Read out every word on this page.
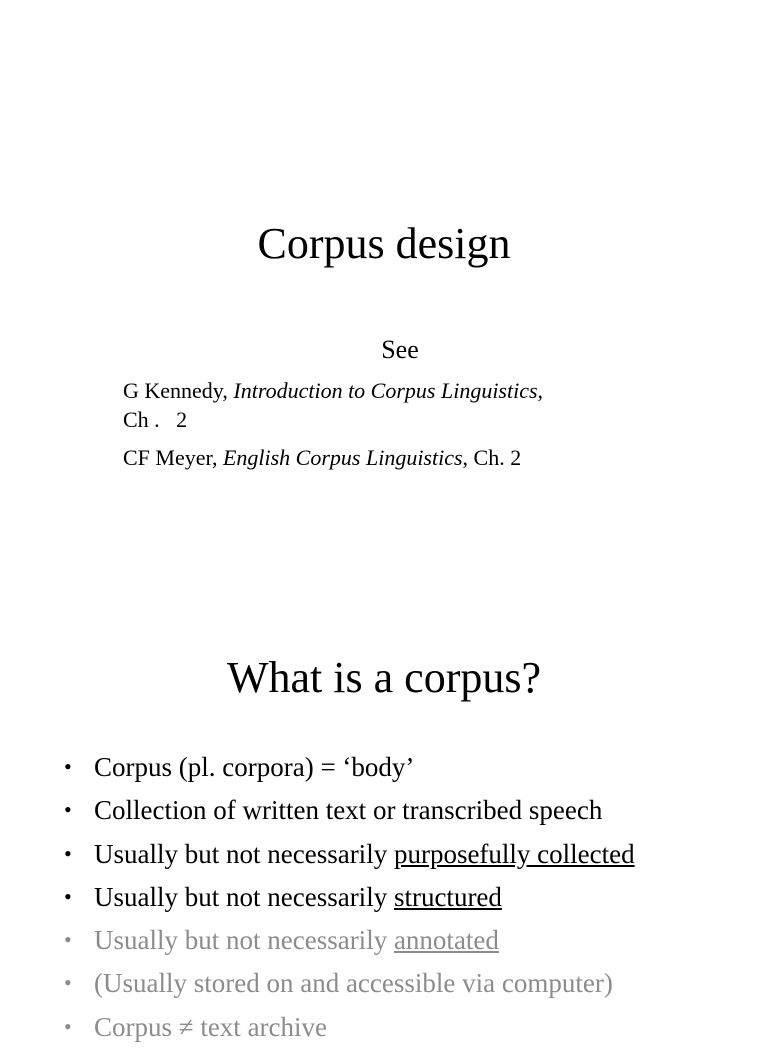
Corpus design
See
G Kennedy, Introduction to Corpus Linguistics,
Ch .   2
CF Meyer, English Corpus Linguistics, Ch. 2
What is a corpus?
• Corpus (pl. corpora) = ‘body’
• Collection of written text or transcribed speech
• Usually but not necessarily purposefully collected
• Usually but not necessarily structured
• Usually but not necessarily annotated
• (Usually stored on and accessible via computer)
• Corpus ≠ text archive
